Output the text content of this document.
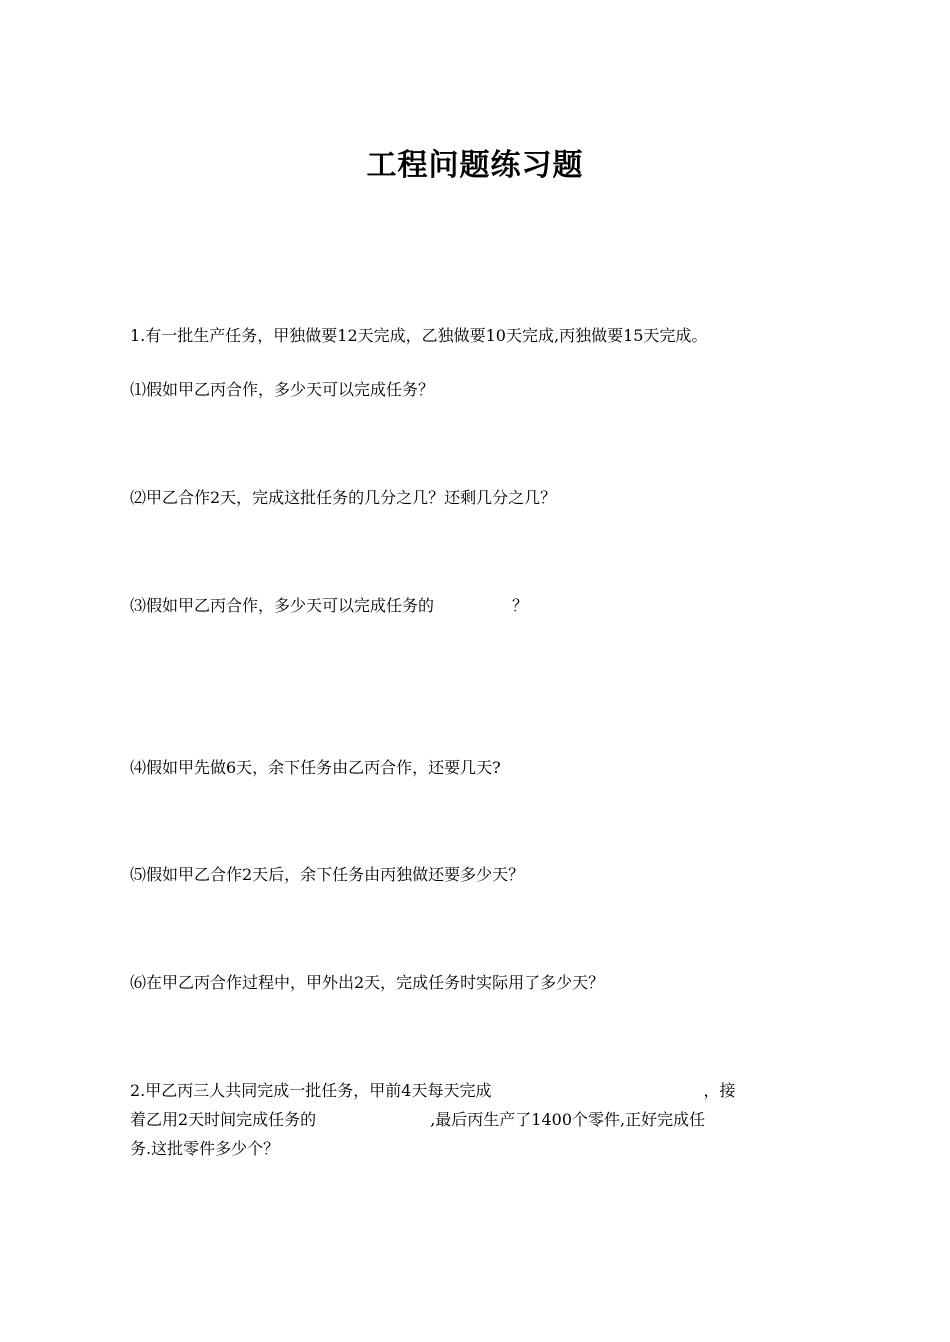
工程问题练习题
1.有一批生产任务，甲独做要12天完成，乙独做要10天完成,丙独做要15天完成。
⑴假如甲乙丙合作，多少天可以完成任务？
⑵甲乙合作2天，完成这批任务的几分之几？还剩几分之几？
⑶假如甲乙丙合作，多少天可以完成任务的	？
⑷假如甲先做6天，余下任务由乙丙合作，还要几天?
⑸假如甲乙合作2天后，余下任务由丙独做还要多少天？
⑹在甲乙丙合作过程中，甲外出2天，完成任务时实际用了多少天？
2.甲乙丙三人共同完成一批任务，甲前4天每天完成	，接
着乙用2天时间完成任务的	,最后丙生产了1400个零件,正好完成任
务.这批零件多少个？
